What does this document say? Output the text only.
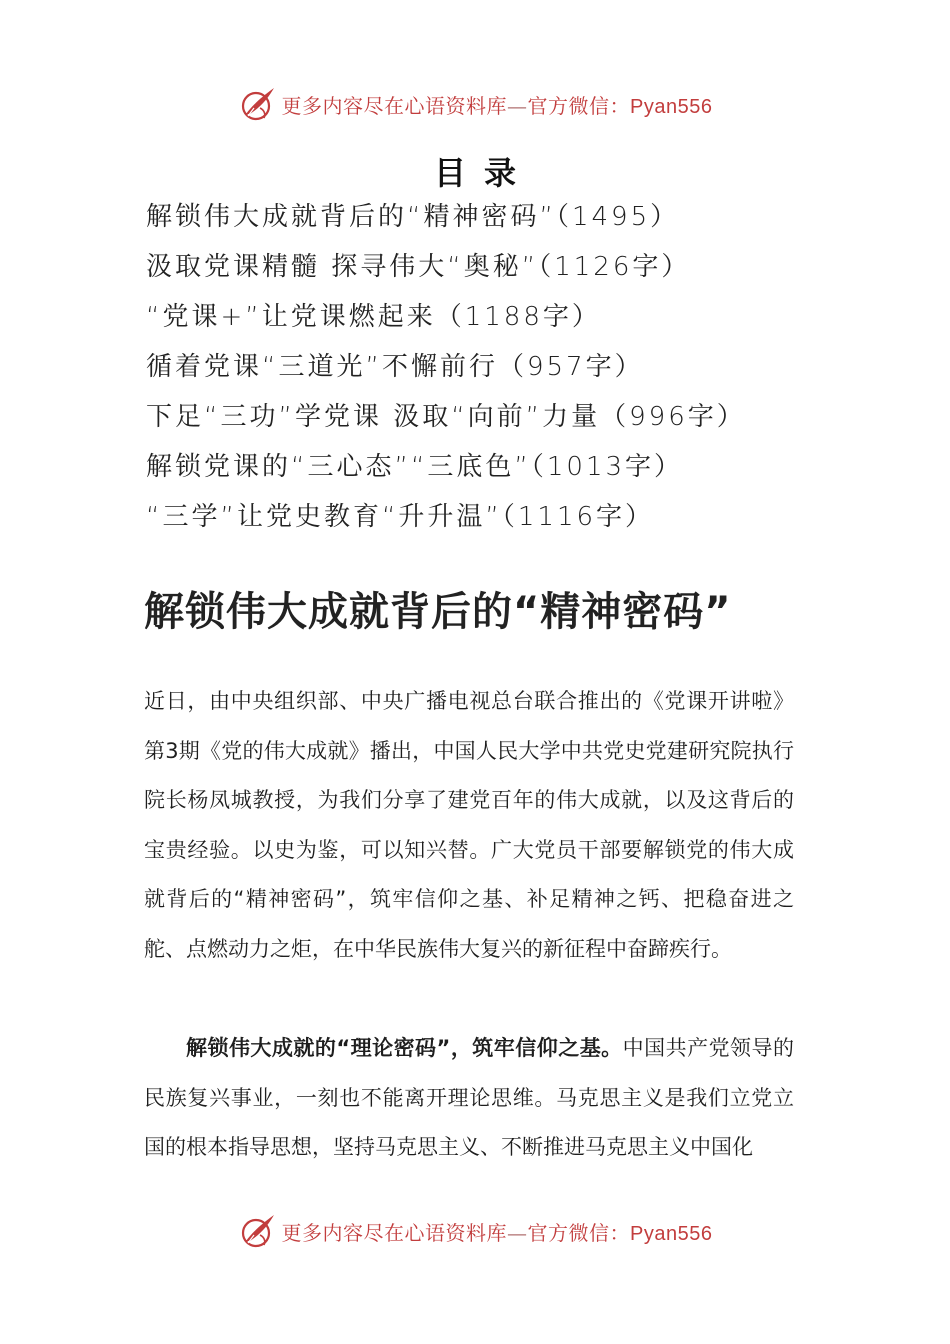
更多内容尽在心语资料库—官方微信：Pyan556
目录
解锁伟大成就背后的“精神密码”（1495）
汲取党课精髓 探寻伟大“奥秘”（1126字）
“党课+”让党课燃起来（1188字）
循着党课“三道光”不懈前行（957字）
下足“三功”学党课 汲取“向前”力量（996字）
解锁党课的“三心态”“三底色”（1013字）
“三学”让党史教育“升升温”（1116字）
解锁伟大成就背后的“精神密码”

近日，由中央组织部、中央广播电视总台联合推出的《党课开讲啦》第3期《党的伟大成就》播出，中国人民大学中共党史党建研究院执行院长杨凤城教授，为我们分享了建党百年的伟大成就，以及这背后的宝贵经验。以史为鉴，可以知兴替。广大党员干部要解锁党的伟大成就背后的“精神密码”，筑牢信仰之基、补足精神之钙、把稳奋进之舵、点燃动力之炬，在中华民族伟大复兴的新征程中奋蹄疾行。

解锁伟大成就的“理论密码”，筑牢信仰之基。中国共产党领导的民族复兴事业，一刻也不能离开理论思维。马克思主义是我们立党立国的根本指导思想，坚持马克思主义、不断推进马克思主义中国化

更多内容尽在心语资料库—官方微信：Pyan556
